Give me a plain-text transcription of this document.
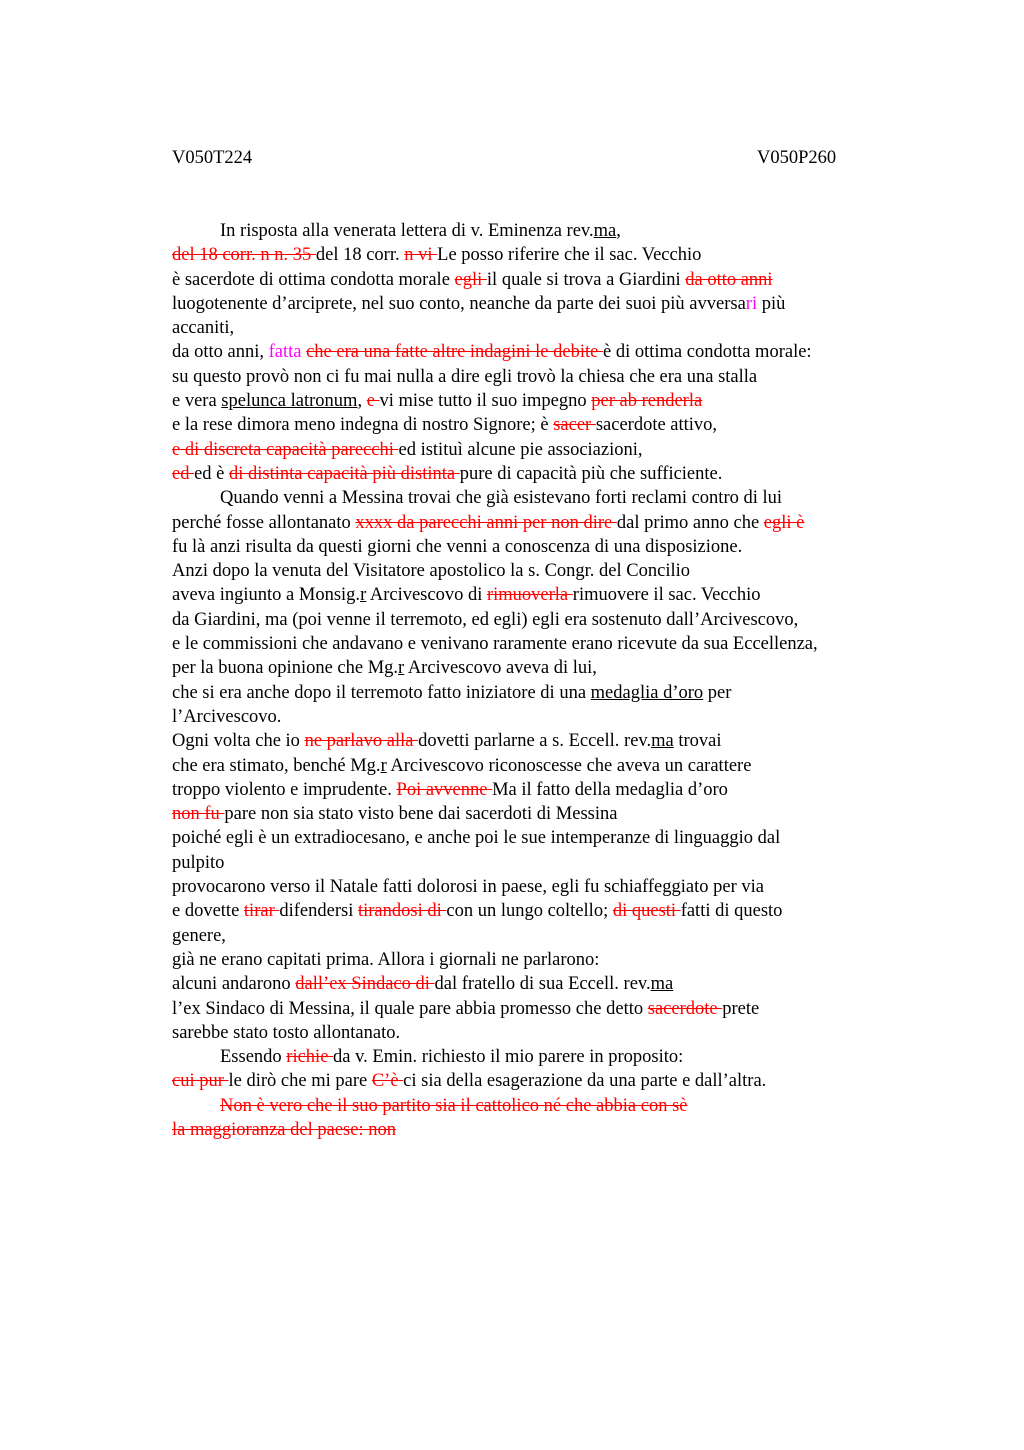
V050T224	V050P260
In risposta alla venerata lettera di v. Eminenza rev.ma,
del 18 corr. n n. 35 del 18 corr. n vi Le posso riferire che il sac. Vecchio
è sacerdote di ottima condotta morale egli il quale si trova a Giardini da otto anni
luogotenente d’arciprete, nel suo conto, neanche da parte dei suoi più avversari più
accaniti,
da otto anni, fatta che era una fatte altre indagini le debite è di ottima condotta morale:
su questo provò non ci fu mai nulla a dire egli trovò la chiesa che era una stalla
e vera spelunca latronum, e vi mise tutto il suo impegno per ab renderla
e la rese dimora meno indegna di nostro Signore; è sacer sacerdote attivo,
e di discreta capacità parecchi ed istituì alcune pie associazioni,
ed ed è di distinta capacità più distinta pure di capacità più che sufficiente.
Quando venni a Messina trovai che già esistevano forti reclami contro di lui
perché fosse allontanato xxxx da parecchi anni per non dire dal primo anno che egli è
fu là anzi risulta da questi giorni che venni a conoscenza di una disposizione.
Anzi dopo la venuta del Visitatore apostolico la s. Congr. del Concilio
aveva ingiunto a Monsig.r Arcivescovo di rimuoverla rimuovere il sac. Vecchio
da Giardini, ma (poi venne il terremoto, ed egli) egli era sostenuto dall’Arcivescovo,
e le commissioni che andavano e venivano raramente erano ricevute da sua Eccellenza,
per la buona opinione che Mg.r Arcivescovo aveva di lui,
che si era anche dopo il terremoto fatto iniziatore di una medaglia d’oro per
l’Arcivescovo.
Ogni volta che io ne parlavo alla dovetti parlarne a s. Eccell. rev.ma trovai
che era stimato, benché Mg.r Arcivescovo riconoscesse che aveva un carattere
troppo violento e imprudente. Poi avvenne Ma il fatto della medaglia d’oro
non fu pare non sia stato visto bene dai sacerdoti di Messina
poiché egli è un extradiocesano, e anche poi le sue intemperanze di linguaggio dal
pulpito
provocarono verso il Natale fatti dolorosi in paese, egli fu schiaffeggiato per via
e dovette tirar difendersi tirandosi di con un lungo coltello; di questi fatti di questo
genere,
già ne erano capitati prima. Allora i giornali ne parlarono:
alcuni andarono dall’ex Sindaco di dal fratello di sua Eccell. rev.ma
l’ex Sindaco di Messina, il quale pare abbia promesso che detto sacerdote prete
sarebbe stato tosto allontanato.
Essendo richie da v. Emin. richiesto il mio parere in proposito:
cui pur le dirò che mi pare C’è ci sia della esagerazione da una parte e dall’altra.
Non è vero che il suo partito sia il cattolico né che abbia con sè
la maggioranza del paese: non
